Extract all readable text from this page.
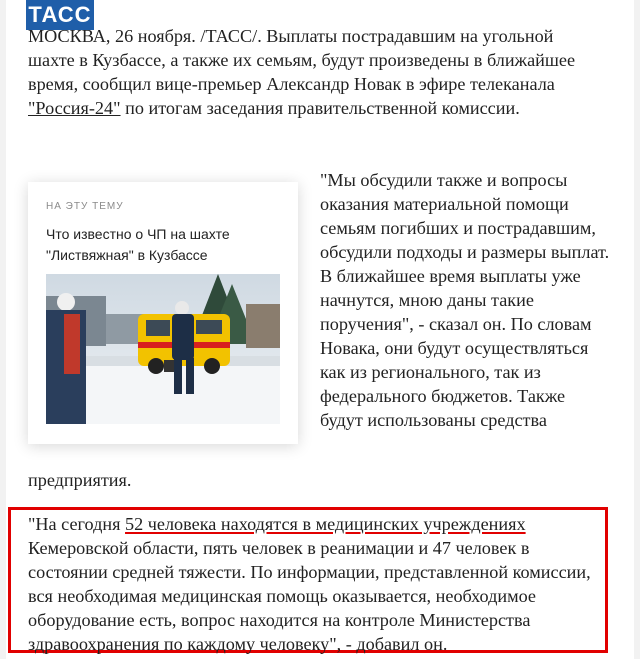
ТАСС

МОСКВА, 26 ноября. /ТАСС/. Выплаты пострадавшим на угольной шахте в Кузбассе, а также их семьям, будут произведены в ближайшее время, сообщил вице-премьер Александр Новак в эфире телеканала "Россия-24" по итогам заседания правительственной комиссии.

НА ЭТУ ТЕМУ
Что известно о ЧП на шахте "Листвяжная" в Кузбассе

"Мы обсудили также и вопросы оказания материальной помощи семьям погибших и пострадавшим, обсудили подходы и размеры выплат. В ближайшее время выплаты уже начнутся, мною даны такие поручения", - сказал он. По словам Новака, они будут осуществляться как из регионального, так из федерального бюджетов. Также будут использованы средства

предприятия.

"На сегодня 52 человека находятся в медицинских учреждениях Кемеровской области, пять человек в реанимации и 47 человек в состоянии средней тяжести. По информации, представленной комиссии, вся необходимая медицинская помощь оказывается, необходимое оборудование есть, вопрос находится на контроле Министерства здравоохранения по каждому человеку", - добавил он.
